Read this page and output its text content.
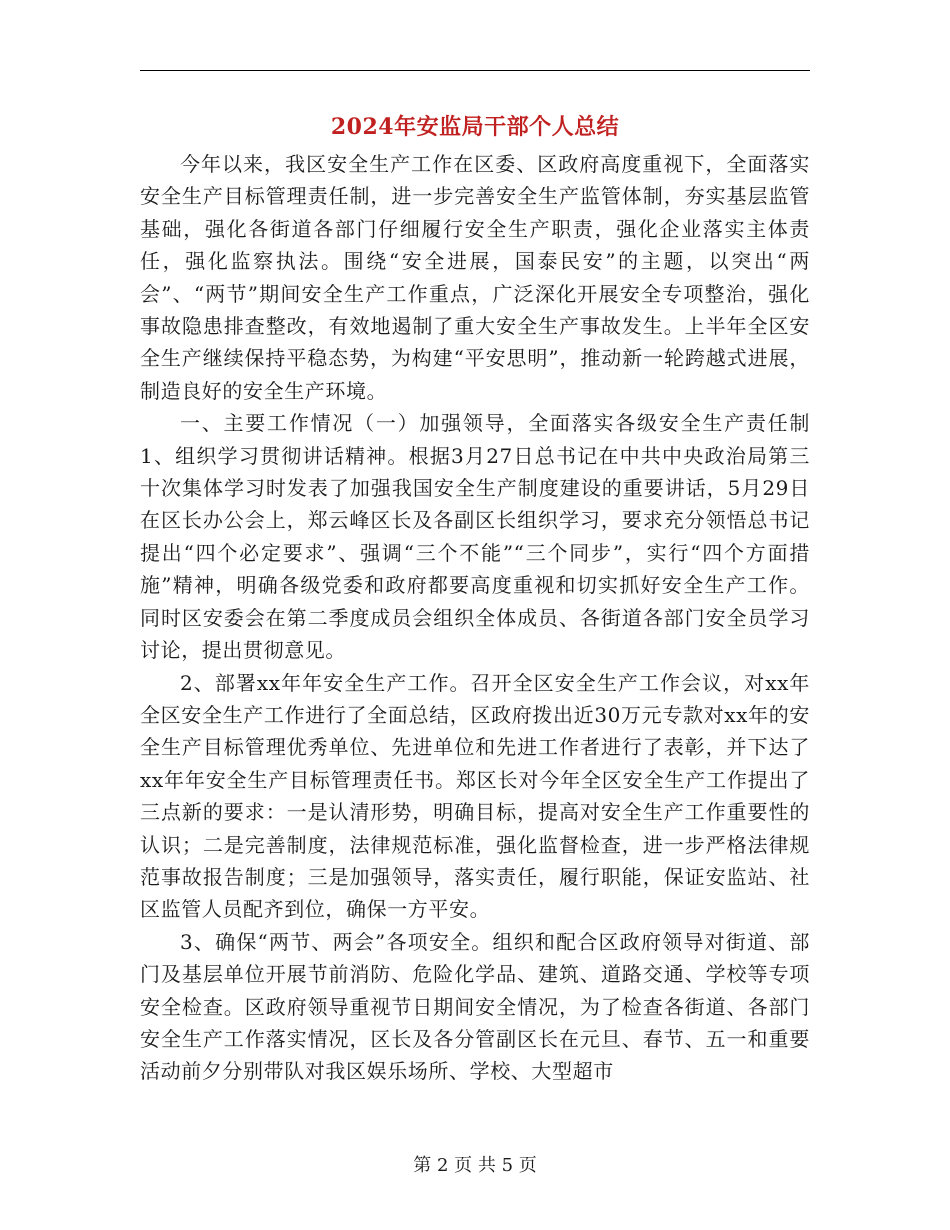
2024年安监局干部个人总结

今年以来，我区安全生产工作在区委、区政府高度重视下，全面落实安全生产目标管理责任制，进一步完善安全生产监管体制，夯实基层监管基础，强化各街道各部门仔细履行安全生产职责，强化企业落实主体责任，强化监察执法。围绕“安全进展，国泰民安”的主题，以突出“两会”、“两节”期间安全生产工作重点，广泛深化开展安全专项整治，强化事故隐患排查整改，有效地遏制了重大安全生产事故发生。上半年全区安全生产继续保持平稳态势，为构建“平安思明”，推动新一轮跨越式进展，制造良好的安全生产环境。

一、主要工作情况（一）加强领导，全面落实各级安全生产责任制1、组织学习贯彻讲话精神。根据3月27日总书记在中共中央政治局第三十次集体学习时发表了加强我国安全生产制度建设的重要讲话，5月29日在区长办公会上，郑云峰区长及各副区长组织学习，要求充分领悟总书记提出“四个必定要求”、强调“三个不能”“三个同步”，实行“四个方面措施”精神，明确各级党委和政府都要高度重视和切实抓好安全生产工作。同时区安委会在第二季度成员会组织全体成员、各街道各部门安全员学习讨论，提出贯彻意见。

2、部署xx年年安全生产工作。召开全区安全生产工作会议，对xx年全区安全生产工作进行了全面总结，区政府拨出近30万元专款对xx年的安全生产目标管理优秀单位、先进单位和先进工作者进行了表彰，并下达了xx年年安全生产目标管理责任书。郑区长对今年全区安全生产工作提出了三点新的要求：一是认清形势，明确目标，提高对安全生产工作重要性的认识；二是完善制度，法律规范标准，强化监督检查，进一步严格法律规范事故报告制度；三是加强领导，落实责任，履行职能，保证安监站、社区监管人员配齐到位，确保一方平安。

3、确保“两节、两会”各项安全。组织和配合区政府领导对街道、部门及基层单位开展节前消防、危险化学品、建筑、道路交通、学校等专项安全检查。区政府领导重视节日期间安全情况，为了检查各街道、各部门安全生产工作落实情况，区长及各分管副区长在元旦、春节、五一和重要活动前夕分别带队对我区娱乐场所、学校、大型超市

第 2 页 共 5 页
